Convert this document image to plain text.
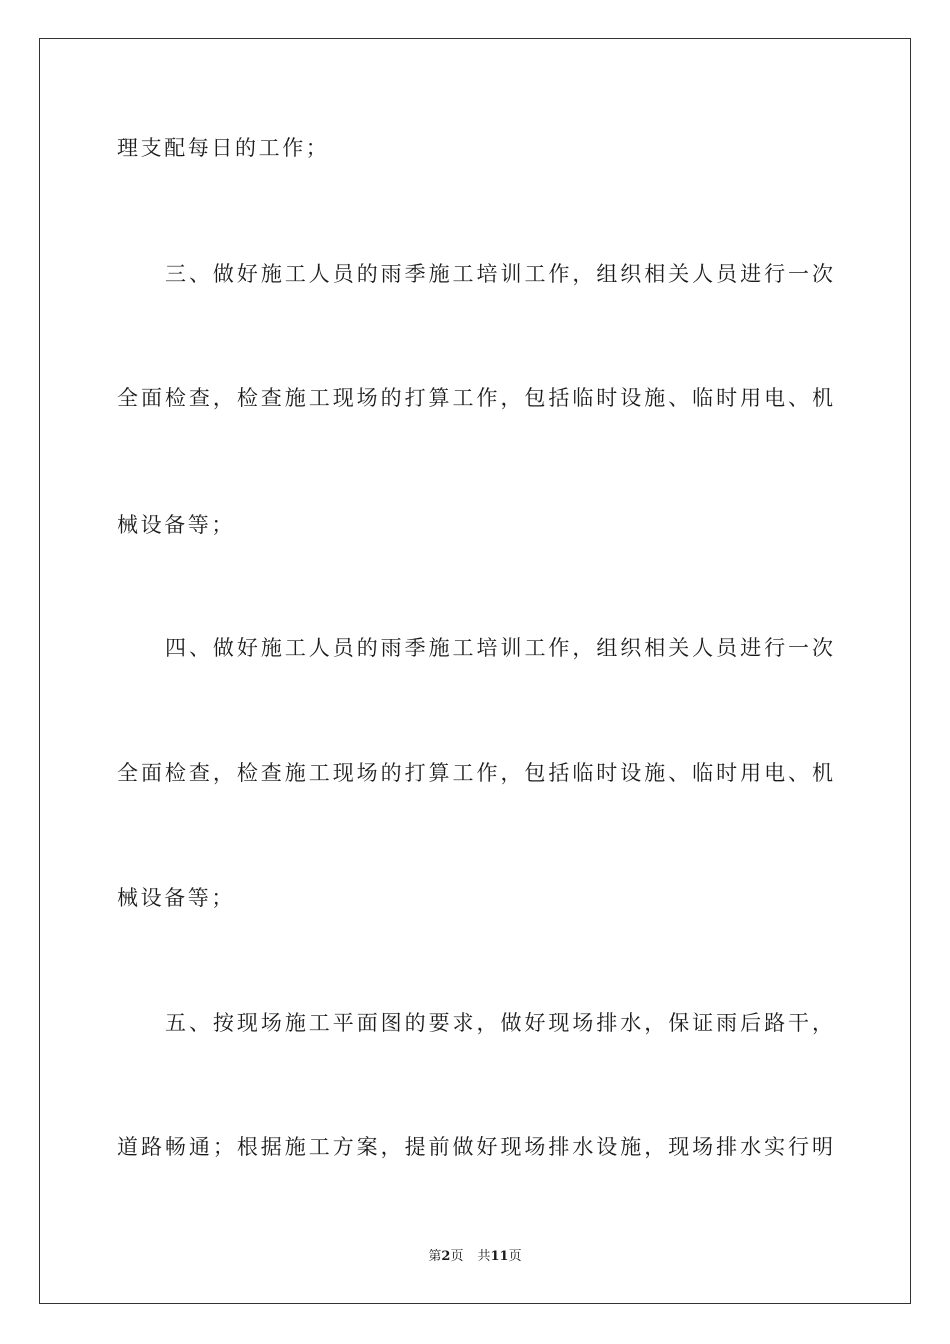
理支配每日的工作；
三、做好施工人员的雨季施工培训工作，组织相关人员进行一次
全面检查，检查施工现场的打算工作，包括临时设施、临时用电、机
械设备等；
四、做好施工人员的雨季施工培训工作，组织相关人员进行一次
全面检查，检查施工现场的打算工作，包括临时设施、临时用电、机
械设备等；
五、按现场施工平面图的要求，做好现场排水，保证雨后路干，
道路畅通；根据施工方案，提前做好现场排水设施，现场排水实行明
第2页 共11页
